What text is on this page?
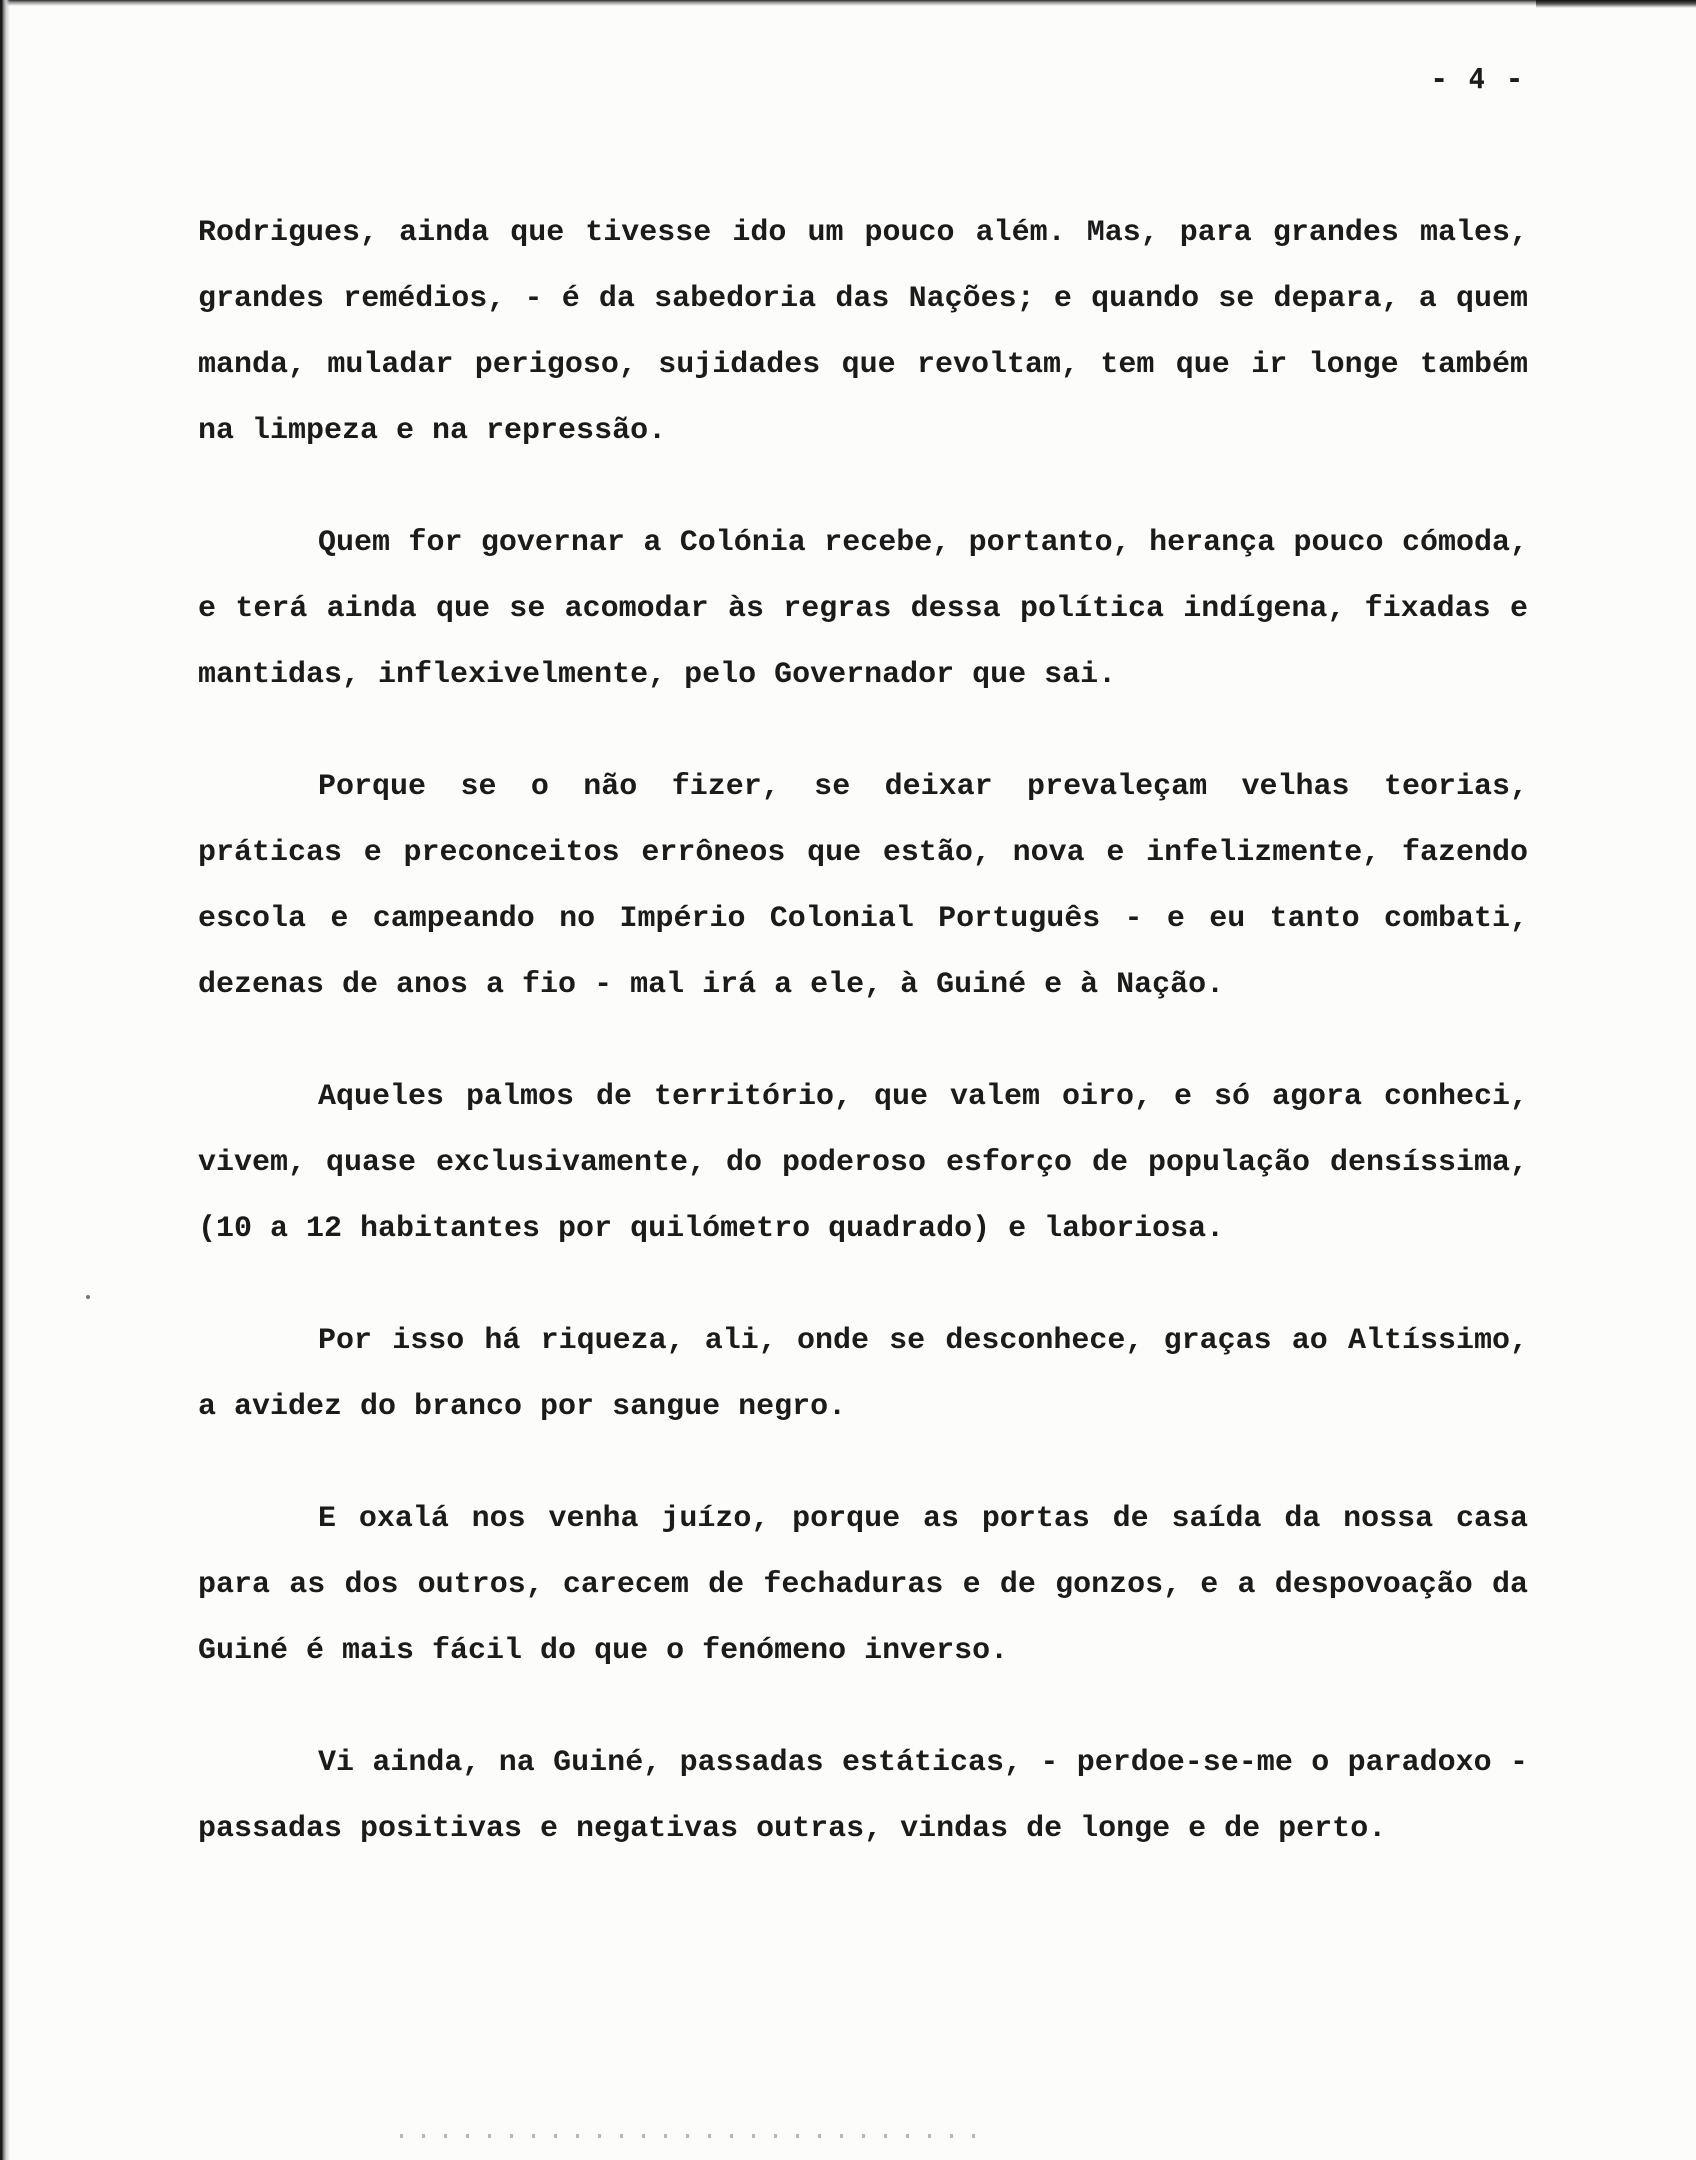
- 4 -

Rodrigues, ainda que tivesse ido um pouco além. Mas, para grandes males, grandes remédios, - é da sabedoria das Nações; e quando se depara, a quem manda, muladar perigoso, sujidades que revoltam, tem que ir longe também na limpeza e na repressão.

Quem for governar a Colónia recebe, portanto, herança pouco cómoda, e terá ainda que se acomodar às regras dessa política indígena, fixadas e mantidas, inflexivelmente, pelo Governador que sai.

Porque se o não fizer, se deixar prevaleçam velhas teorias, práticas e preconceitos errôneos que estão, nova e infelizmente, fazendo escola e campeando no Império Colonial Português - e eu tanto combati, dezenas de anos a fio - mal irá a ele, à Guiné e à Nação.

Aqueles palmos de território, que valem oiro, e só agora conheci, vivem, quase exclusivamente, do poderoso esforço de população densíssima, (10 a 12 habitantes por quilómetro quadrado) e laboriosa.

Por isso há riqueza, ali, onde se desconhece, graças ao Altíssimo, a avidez do branco por sangue negro.

E oxalá nos venha juízo, porque as portas de saída da nossa casa para as dos outros, carecem de fechaduras e de gonzos, e a despovoação da Guiné é mais fácil do que o fenómeno inverso.

Vi ainda, na Guiné, passadas estáticas, - perdoe-se-me o paradoxo - passadas positivas e negativas outras, vindas de longe e de perto.
